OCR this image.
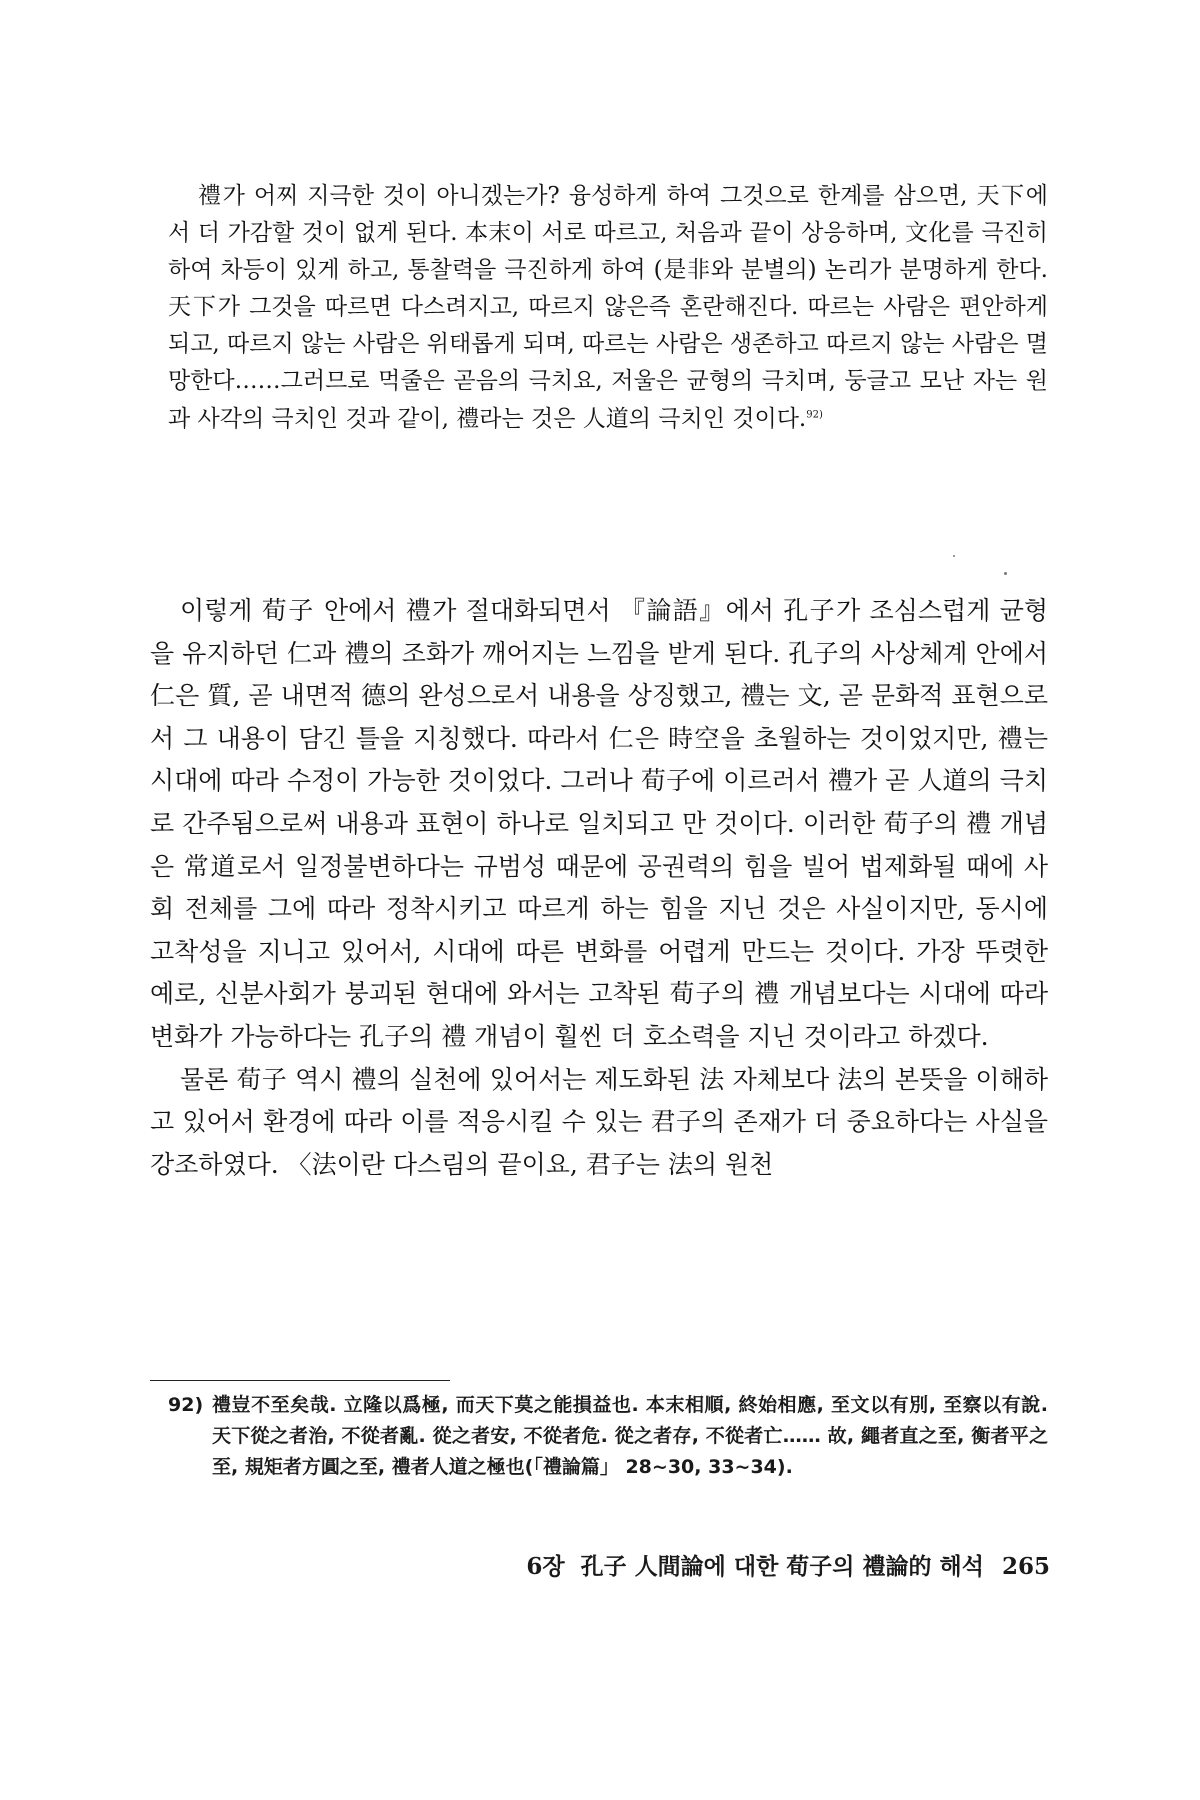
禮가 어찌 지극한 것이 아니겠는가? 융성하게 하여 그것으로 한계를 삼으면, 天下에서 더 가감할 것이 없게 된다. 本末이 서로 따르고, 처음과 끝이 상응하며, 文化를 극진히 하여 차등이 있게 하고, 통찰력을 극진하게 하여 (是非와 분별의) 논리가 분명하게 한다. 天下가 그것을 따르면 다스려지고, 따르지 않은즉 혼란해진다. 따르는 사람은 편안하게 되고, 따르지 않는 사람은 위태롭게 되며, 따르는 사람은 생존하고 따르지 않는 사람은 멸망한다……그러므로 먹줄은 곧음의 극치요, 저울은 균형의 극치며, 둥글고 모난 자는 원과 사각의 극치인 것과 같이, 禮라는 것은 人道의 극치인 것이다.$^{92)}$

이렇게 荀子 안에서 禮가 절대화되면서 『論語』에서 孔子가 조심스럽게 균형을 유지하던 仁과 禮의 조화가 깨어지는 느낌을 받게 된다. 孔子의 사상체계 안에서 仁은 質, 곧 내면적 德의 완성으로서 내용을 상징했고, 禮는 文, 곧 문화적 표현으로서 그 내용이 담긴 틀을 지칭했다. 따라서 仁은 時空을 초월하는 것이었지만, 禮는 시대에 따라 수정이 가능한 것이었다. 그러나 荀子에 이르러서 禮가 곧 人道의 극치로 간주됨으로써 내용과 표현이 하나로 일치되고 만 것이다. 이러한 荀子의 禮 개념은 常道로서 일정불변하다는 규범성 때문에 공권력의 힘을 빌어 법제화될 때에 사회 전체를 그에 따라 정착시키고 따르게 하는 힘을 지닌 것은 사실이지만, 동시에 고착성을 지니고 있어서, 시대에 따른 변화를 어렵게 만드는 것이다. 가장 뚜렷한 예로, 신분사회가 붕괴된 현대에 와서는 고착된 荀子의 禮 개념보다는 시대에 따라 변화가 가능하다는 孔子의 禮 개념이 훨씬 더 호소력을 지닌 것이라고 하겠다.

물론 荀子 역시 禮의 실천에 있어서는 제도화된 法 자체보다 法의 본뜻을 이해하고 있어서 환경에 따라 이를 적응시킬 수 있는 君子의 존재가 더 중요하다는 사실을 강조하였다. 〈法이란 다스림의 끝이요, 君子는 法의 원천

92) 禮豈不至矣哉. 立隆以爲極, 而天下莫之能損益也. 本末相順, 終始相應, 至文以有別, 至察以有說. 天下從之者治, 不從者亂. 從之者安, 不從者危. 從之者存, 不從者亡…… 故, 繩者直之至, 衡者平之至, 規矩者方圓之至, 禮者人道之極也(「禮論篇」 28~30, 33~34).
6장 孔子 人間論에 대한 荀子의 禮論的 해석 265
